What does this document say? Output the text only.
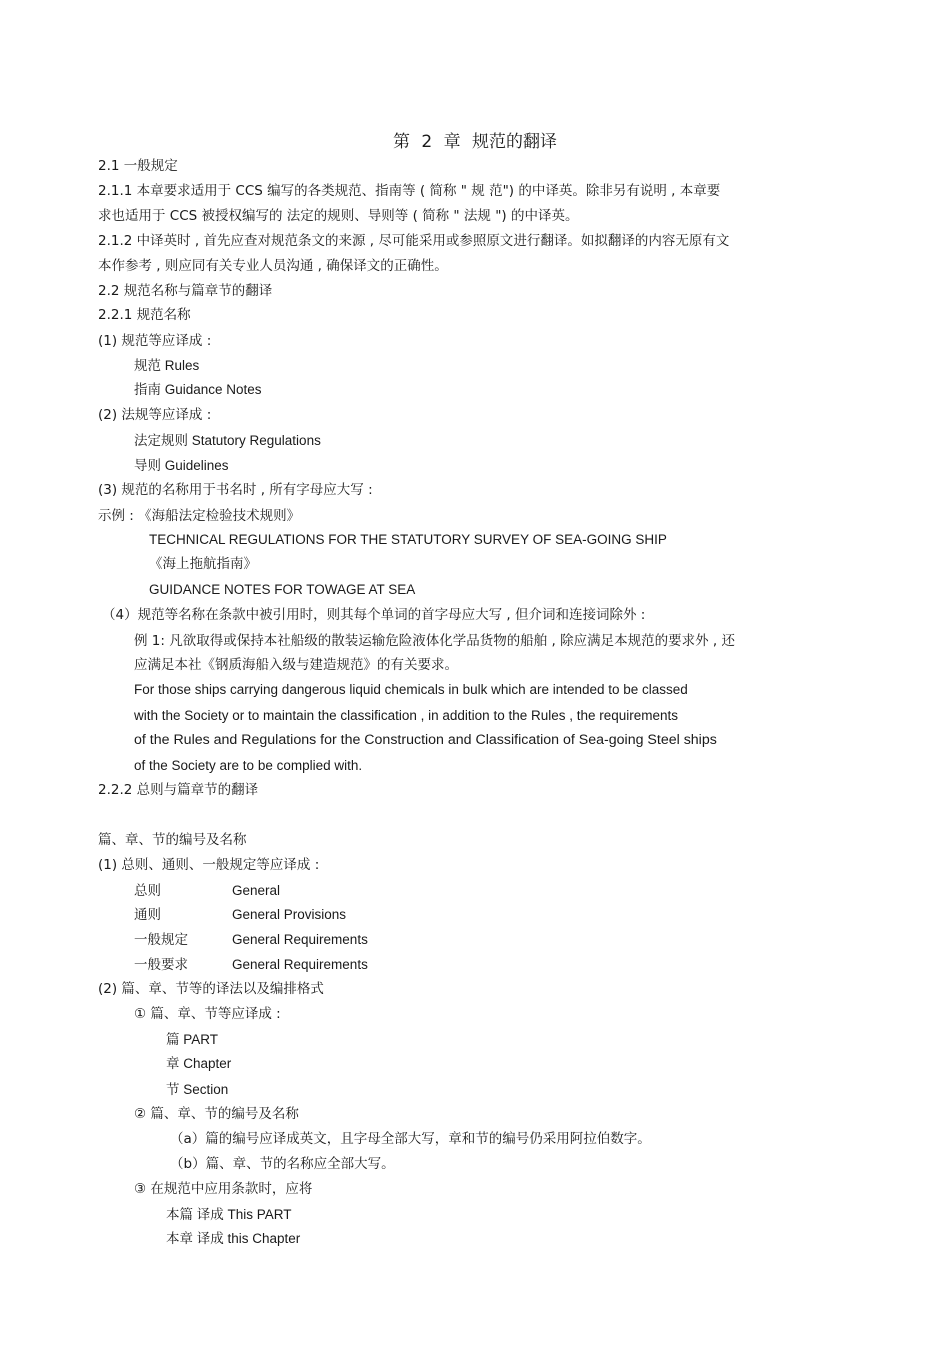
第 2 章 规范的翻译
2.1 一般规定
2.1.1 本章要求适用于 CCS 编写的各类规范、指南等 ( 简称 " 规 范") 的中译英。除非另有说明 , 本章要
求也适用于 CCS 被授权编写的 法定的规则、导则等 ( 简称 " 法规 ") 的中译英。
2.1.2 中译英时 , 首先应查对规范条文的来源 , 尽可能采用或参照原文进行翻译。如拟翻译的内容无原有文
本作参考 , 则应同有关专业人员沟通 , 确保译文的正确性。
2.2 规范名称与篇章节的翻译
2.2.1 规范名称
(1) 规范等应译成 :
规范 Rules
指南 Guidance Notes
(2) 法规等应译成 :
法定规则 Statutory Regulations
导则 Guidelines
(3) 规范的名称用于书名时 , 所有字母应大写 :
示例 : 《海船法定检验技术规则》
TECHNICAL REGULATIONS FOR THE STATUTORY SURVEY OF SEA-GOING SHIP
《海上拖航指南》
GUIDANCE NOTES FOR TOWAGE AT SEA
（4）规范等名称在条款中被引用时，则其每个单词的首字母应大写 , 但介词和连接词除外 :
例 1: 凡欲取得或保持本社船级的散装运输危险液体化学品货物的船舶 , 除应满足本规范的要求外 , 还
应满足本社《钢质海船入级与建造规范》的有关要求。
For those ships carrying dangerous liquid chemicals in bulk which are intended to be classed
with the Society or to maintain the classification , in addition to the Rules , the requirements
of the Rules and Regulations for the Construction and Classification of Sea-going Steel ships
of the Society are to be complied with.
2.2.2 总则与篇章节的翻译
篇、章、节的编号及名称
(1) 总则、通则、一般规定等应译成 :
总则	General
通则	General Provisions
一般规定	General Requirements
一般要求	General Requirements
(2) 篇、章、节等的译法以及编排格式
① 篇、章、节等应译成 :
篇 PART
章 Chapter
节 Section
② 篇、章、节的编号及名称
（a）篇的编号应译成英文，且字母全部大写，章和节的编号仍采用阿拉伯数字。
（b）篇、章、节的名称应全部大写。
③ 在规范中应用条款时，应将
本篇 译成 This PART
本章 译成 this Chapter
